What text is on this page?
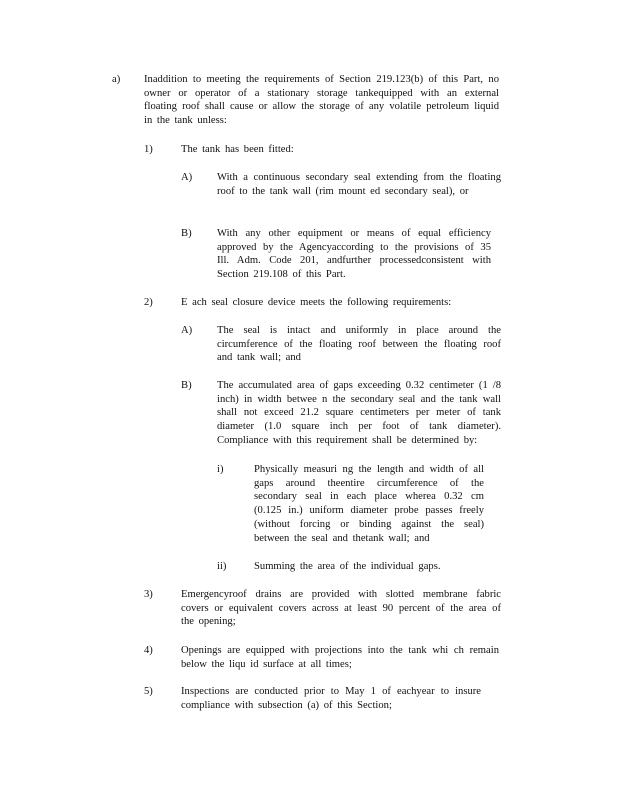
a) Inaddition to meeting the requirements of Section 219.123(b) of this Part, no owner or operator of a stationary storage tankequipped with an external floating roof shall cause or allow the storage of any volatile petroleum liquid in the tank unless:
1)	The tank has been fitted:
A) With a continuous secondary seal extending from the floating roof to the tank wall (rim mount ed secondary seal), or
B) With any other equipment or means of equal efficiency approved by the Agencyaccording to the provisions of 35 Ill. Adm. Code 201, andfurther processedconsistent with Section 219.108 of this Part.
2)	E ach seal closure device meets the following requirements:
A) The seal is intact and uniformly in place around the circumference of the floating roof between the floating roof and tank wall; and
B) The accumulated area of gaps exceeding 0.32 centimeter (1 /8 inch) in width betwee n the secondary seal and the tank wall shall not exceed 21.2 square centimeters per meter of tank diameter (1.0 square inch per foot of tank diameter). Compliance with this requirement shall be determined by:
i)	Physically measuri ng the length and width of all gaps around theentire circumference of the secondary seal in each place wherea 0.32 cm (0.125 in.) uniform diameter probe passes freely (without forcing or binding against the seal) between the seal and thetank wall; and
ii)	Summing the area of the individual gaps.
3)	Emergencyroof drains are provided with slotted membrane fabric covers or equivalent covers across at least 90 percent of the area of the opening;
4)	Openings are equipped with projections into the tank whi ch remain below the liqu id surface at all times;
5)	Inspections are conducted prior to May 1 of eachyear to insure compliance with subsection (a) of this Section;
